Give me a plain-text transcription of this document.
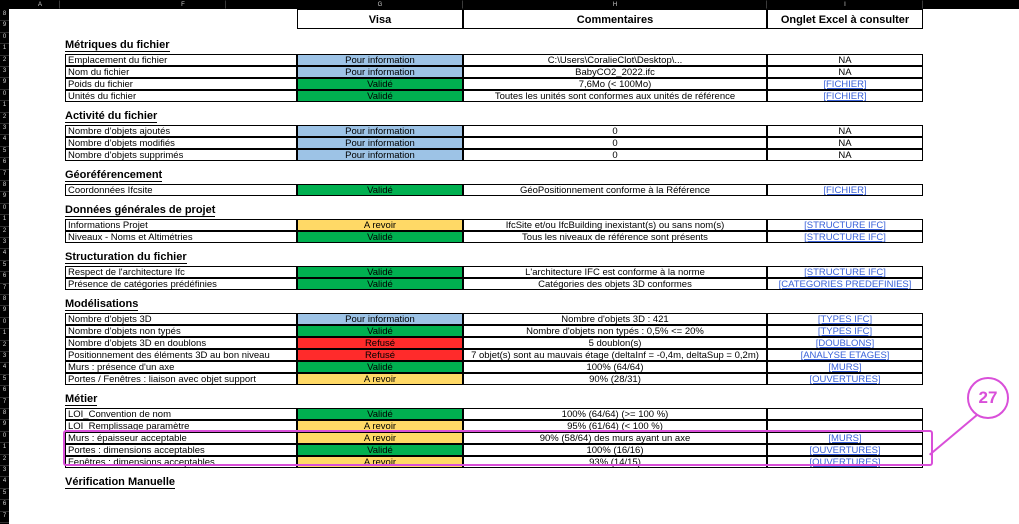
A	F	G	H	I
8
9
0
1
2
3
9
0
1
2
3
4
5
6
7
8
9
0
1
2
3
4
5
6
7
8
9
0
1
2
3
4
5
6
7
8
9
0
1
2
3
4
5
6
7
Visa	Commentaires	Onglet Excel à consulter
Métriques du fichier
Emplacement du fichier	Pour information	C:\Users\CoralieClot\Desktop\...	NA
Nom du fichier	Pour information	BabyCO2_2022.ifc	NA
Poids du fichier	Validé	7,6Mo (< 100Mo)	[FICHIER]
Unités du fichier	Validé	Toutes les unités sont conformes aux unités de référence	[FICHIER]
Activité du fichier
Nombre d'objets ajoutés	Pour information	0	NA
Nombre d'objets modifiés	Pour information	0	NA
Nombre d'objets supprimés	Pour information	0	NA
Géoréférencement
Coordonnées Ifcsite	Validé	GéoPositionnement conforme à la Référence	[FICHIER]
Données générales de projet
Informations Projet	A revoir	IfcSite et/ou IfcBuilding inexistant(s) ou sans nom(s)	[STRUCTURE IFC]
Niveaux - Noms et Altimétries	Validé	Tous les niveaux de référence sont présents	[STRUCTURE IFC]
Structuration du fichier
Respect de l'architecture Ifc	Validé	L'architecture IFC est conforme à la norme	[STRUCTURE IFC]
Présence de catégories prédéfinies	Validé	Catégories des objets 3D conformes	[CATEGORIES PREDEFINIES]
Modélisations
Nombre d'objets 3D	Pour information	Nombre d'objets 3D : 421	[TYPES IFC]
Nombre d'objets non typés	Validé	Nombre d'objets non typés : 0,5% <= 20%	[TYPES IFC]
Nombre d'objets 3D en doublons	Refusé	5 doublon(s)	[DOUBLONS]
Positionnement des éléments 3D au bon niveau	Refusé	7 objet(s) sont au mauvais étage (deltaInf = -0,4m, deltaSup = 0,2m)	[ANALYSE ETAGES]
Murs : présence d'un axe	Validé	100% (64/64)	[MURS]
Portes / Fenêtres : liaison avec objet support	A revoir	90% (28/31)	[OUVERTURES]
Métier
LOI_Convention de nom	Validé	100% (64/64) (>= 100 %)
LOI_Remplissage paramètre	A revoir	95% (61/64) (< 100 %)
Murs : épaisseur acceptable	A revoir	90% (58/64) des murs ayant un axe	[MURS]
Portes : dimensions acceptables	Validé	100% (16/16)	[OUVERTURES]
Fenêtres : dimensions acceptables	A revoir	93% (14/15)	[OUVERTURES]
Vérification Manuelle
27
